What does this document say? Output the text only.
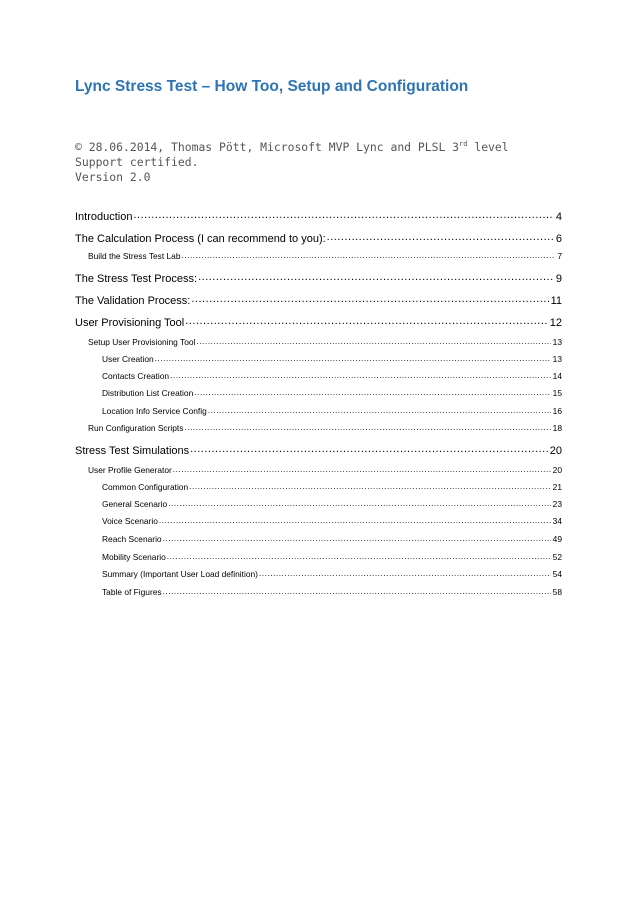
Lync Stress Test – How Too, Setup and Configuration
© 28.06.2014, Thomas Pött, Microsoft MVP Lync and PLSL 3rd level
Support certified.
Version 2.0
Introduction .....	4
The Calculation Process (I can recommend to you): .....	6
Build the Stress Test Lab .....	7
The Stress Test Process: .....	9
The Validation Process: .....	11
User Provisioning Tool .....	12
Setup User Provisioning Tool .....	13
User Creation .....	13
Contacts Creation .....	14
Distribution List Creation .....	15
Location Info Service Config .....	16
Run Configuration Scripts .....	18
Stress Test Simulations .....	20
User Profile Generator .....	20
Common Configuration .....	21
General Scenario .....	23
Voice Scenario .....	34
Reach Scenario .....	49
Mobility Scenario .....	52
Summary (Important User Load definition) .....	54
Table of Figures .....	58
